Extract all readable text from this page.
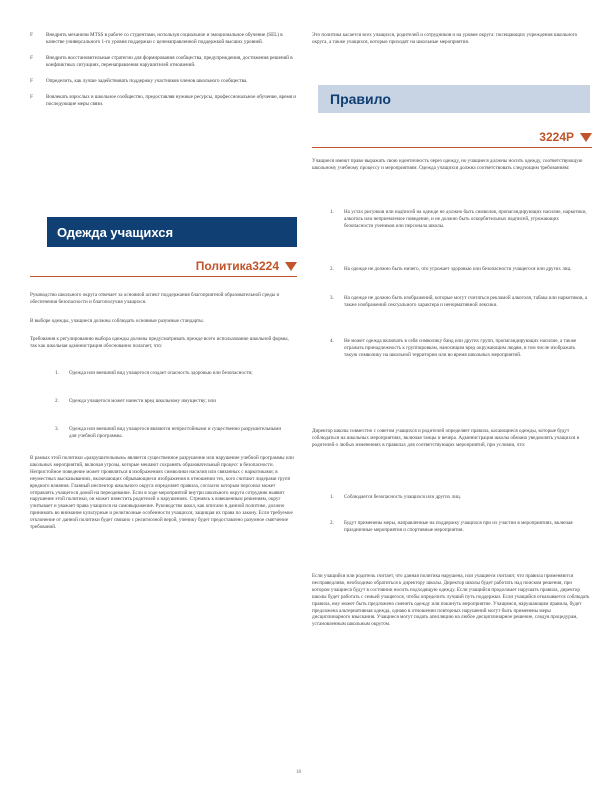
F	Внедрить механизм МТSS в работе со студентами, используя социальное и эмоциональное обучение (SEL) в качестве универсального 1-го уровня поддержки с целенаправленной поддержкой высших уровней.
F	Внедрить восстановительные стратегии для формирования сообщества, предупреждения, достижения решений в конфликтных ситуациях, перенаправления нарушителей отношений.
F	Определить, как лучше задействовать поддержку участников членов школьного сообщества.
F	Вовлекать взрослых в школьное сообщество, предоставляя нужные ресурсы, профессиональное обучение, время и последующие меры связи.
Одежда учащихся
Политика3224
Руководство школьного округа отвечает за основной аспект поддержания благоприятной образовательной среды и обеспечения безопасности и благополучия учащихся.
В выборе одежды, учащиеся должны соблюдать основные разумные стандарты.
Требования к регулированию выбора одежды должны предусматривать прежде всего использование школьной формы, так как школьная администрация обоснованно полагает, что:
1.	Одежда или внешний вид учащегося создает опасность здоровью или безопасности;
2.	Одежда учащегося может нанести вред школьному имуществу; или
3.	Одежда или внешний вид учащегося являются непристойными и существенно разрушительными для учебной программы.
В рамках этой политики «разрушительным» является существенное разрушение или нарушение учебной программы или школьных мероприятий, включая угрозы, которые мешают сохранять образовательный процесс в безопасности. Непристойное поведение может проявляться в изображениях символики насилия или связанных с наркотиками; в неуместных высказываниях, включающих обрывающиеся изображения в отношении тех, кого считают лидерами групп вредного влияния. Главный инспектор школьного округа определяет правила, согласно которым персонал может отправлять учащегося домой на переодевание. Если в ходе мероприятий внутри школьного округа сотрудник выявит нарушение этой политики, он может известить родителей о нарушениях. Стремясь к взвешенным решениям, округ учитывает и уважает права учащихся на самовыражение. Руководство школ, как описано в данной политике, должно принимать во внимание культурные и религиозные особенности учащихся, защищая их права по закону. Если требуемое отклонение от данной политики будет связано с религиозной верой, ученику будет предоставлено разумное смягчение требований.
Это политика касается всех учащихся, родителей и сотрудников и на уровне округа: посещающих учреждения школьного округа, а также учащихся, которые приходят на школьные мероприятия.
Правило
3224Р
Учащиеся имеют право выражать свою идентичность через одежду, но учащиеся должны носить одежду, соответствующую школьному учебному процессу и мероприятиям. Одежда учащихся должна соответствовать следующим требованиям:
1.	На устах рисунков или надписей на одежде не должно быть символов, пропагандирующих насилие, наркотики, алкоголь или неприемлемое поведение, и не должно быть оскорбительных надписей, угрожающих безопасности учеников или персонала школы.
2.	На одежде не должно быть ничего, что угрожает здоровью или безопасности учащегося или других лиц.
3.	На одежде не должно быть изображений, которые могут считаться рекламой алкоголя, табака или наркотиков, а также изображений сексуального характера и ненормативной лексики.
4.	Не может одежда включать в себя символику банд или других групп, пропагандирующих насилие, а также отражать принадлежность к группировкам, наносящим вред окружающим людям, в том числе изображать такую символику на школьной территории или во время школьных мероприятий.
Директор школы совместно с советом учащихся и родителей определяет правила, касающиеся одежды, которые будут соблюдаться на школьных мероприятиях, включая танцы и вечера. Администрация школы обязана уведомлять учащихся и родителей о любых изменениях в правилах для соответствующих мероприятий, при условии, что:
1.	Соблюдается безопасность учащихся или других лиц.
2.	Будут применены меры, направленные на поддержку учащихся при их участии в мероприятиях, включая праздничные мероприятия и спортивные мероприятия.
Если учащийся или родитель считает, что данная политика нарушена, или учащиеся считают, что правила применяются несправедливо, необходимо обратиться к директору школы. Директор школы будет работать над поиском решения, при котором учащиеся будут в состоянии носить подходящую одежду. Если учащийся продолжает нарушать правила, директор школы будет работать с семьей учащегося, чтобы определить лучший путь поддержки. Если учащийся отказывается соблюдать правила, ему может быть предложено сменить одежду или покинуть мероприятие. Учащимся, нарушающим правила, будет предложена альтернативная одежда, однако в отношении повторных нарушений могут быть применены меры дисциплинарного взыскания. Учащиеся могут подать апелляцию на любое дисциплинарное решение, следуя процедурам, установленным школьным округом.
18
